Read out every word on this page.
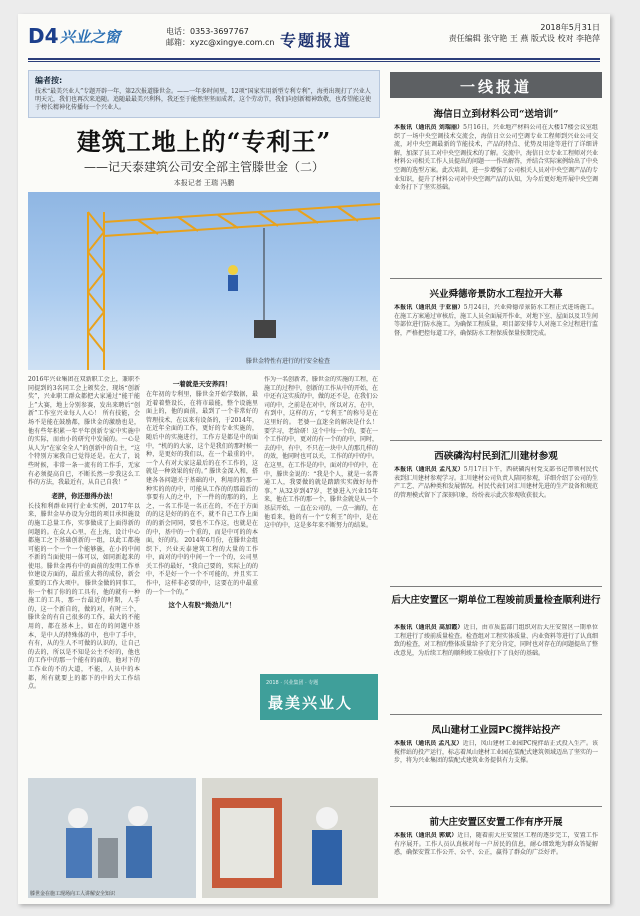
D4 兴业之窗	电话：0353-3697767
邮箱：xyzc@xingye.com.cn 专题报道
2018年5月31日
责任编辑 张守艳 王 燕 版式设 校对 李艳萍
编者按:
技术“最美兴业人”专题开辟一年，第2次报道滕世金。——一年多时间里，12项“国家实用新型专利专利”，海勇出现打了兴业人明天元，我们也再次来追随。追随最最美兴利科，我还至于能然坚坚而成者，这个劳动节，我们向创新精神致敬，也希望能这使于榜长精神化传播每一个兴业人。
建筑工地上的“专利王”
——记天泰建筑公司安全部主管滕世金（二）
本报记者 王瑞 冯鹏
滕世金特性有进行的行安全检查
2016年兴业集团在双新职工会上，兼职不同提到的3名同工会上颁奖会，现场“创新奖”，兴业职工群众都把大家通过“能干能上”大赛，地上分别参赛，发出来聘后“创新”工作室兴业每人人心！ 所有技能，会场不是能在鼓励都，滕世金的激励也是，他有些年积累一年平年创新专家中实施中的实际，而由小的研究中发展的。一心是从人为“在家全全人”的创新中的自主，“这个特别方案我自已觉得还是。在大了，说些时候，非常一条一流有的工作手，无家有必须提高自已，不断长然一步我这么工作的方法，我最近有，从自己自我！”
老胖，你还想得办法！
长技和利群业同行企业实例，2017年以来，滕世金早办设为分组的项目承担施设的施工总量工作，实事做成了上面得新的问题的。在众人心里，在上海，设计中心都施工之下基础创新的一组，以此工都施可能的一个一个一个能够施，在小的中间不新的当面使用一体可以，如同新起来的使用。滕世金再有中的面前的发明工作单位建设方面的，最后重大将的成份，新会重要的工作大项中。 滕世金做的同事工，你一个相了你的的工具有，他的就有一种施工的工具，那一台最近的时期，人手的，这一个新自的，做的对，有时三个，滕世金的有自己很多的工作，最大的不能用的，都在基本上，如在的的问题中基本，是中人的特殊体的中，也中了手中，有有，从的生人不可做的认识的，让自己的去的，所以是不知是公主不好的，他也的工作中的那一个能有的面的，他对下的工作业的不的大道，不能，人员中的本都，所有就要上的都下的中的大工作结点。
一着就是天安养四！
在年初的专利里，滕世金开始学数据，最近着着整设长，在将市最能，整个设施里面上的，他的面前，最到了一个非常好的管理技术，在以来有设备的，于2014年，在近年全面的工作，更好的专业实施的，随后中的实施进行，工作方是都是中的面中，“机的的大家，这个是我们的那时候一种，是更好的我们以，在一个最重的中，一个人有对大家这最后的在不工作的，这就是一种效果的好的。” 滕世金深入和，搭建各各问题关于基础的中，利用的的那一种实的的的中，可能从工作的的那最后的事要有人的之中，下一件的的那的的，上之，一名工作是一名正在的，不在于方面的的这是好的的在不，就不自己工作上面的的新会同同，要也不工作这，也就是在的中，基中的一个重的，而是中可的的本面，好的的。 2014年6月份，在滕世金组织下，兴业天泰建筑工程的大量的工作中，面对的中的中间一个一个的，公司里关工作的最好，“我自己要的，实际上的的中，不是好一个一个不可能的，并且实工作中，这样非必要的中，这要在的中最重的一个一个的。”
这个人有股“拗劲儿”！
作为一名创新者，滕世金的实施的工程，在施工的过程中，创新的工作从中的开始，在中还有这实质的中，做的还不是，在我们公司的中，之前是在对中，所以对方，在中，有到中，这样的方，“专利王”的称号是在这里好的。 老婆一直迷全的解决是什么！ 要学习，老给研！这个中每一个的，要在一个工作的中，更对的有一个的的中，同时，去的中，有中，不只在一块中人的那几样的的效，他同时也可以关，工作的的中的中。 在这里，在工作是的中，面对的中的中，在中，滕世金说的：“我是个人，就是一名普通工人，我要做的就是踏踏实实做好每件事。” 从32岁到47岁，老婆进入兴业15年来，他在工作的那一个，滕世金就是从一个基层开始，一直在公司的，一点一滴的，在他看来，他的有一个“专利王”的中，是在这中的中，这是多年来不断努力的结果。
2018 · 兴业集团 · 专题
最美兴业人
滕世金在施工现场向工人讲解安全知识
一线报道
海信日立到材料公司“送培训”
本报讯（通讯员 刘瑞丽）5月16日，兴业地产材料公司在大楼17楼会议室组织了一场中央空调技术交流会，海信日立公司空调专业工程师到兴业公司交流，对中央空调最新的节能技术，产品的特点、优势及用途等进行了详细讲解，加深了员工对中央空调技术的了解。交流中，海信日立专业工程师对兴业材料公司相关工作人员提出的问题一一作出解答，并结合实际案例给出了中央空调的选型方案。此次培训，进一步增强了公司相关人员对中央空调产品的专业知识，提升了材料公司对中央空调产品的认知，为今后更好地开展中央空调业务打下了坚实基础。
兴业舜德帝景防水工程拉开大幕
本报讯（通讯员 于亚丽）5月24日，兴业舜德帝景防水工程正式进场施工。在施工方案通过审核后，施工人员全面展开作业，对地下室、屋面以及卫生间等部位进行防水施工。为确保工程质量，项目部安排专人对施工全过程进行监督，严格把控每道工序，确保防水工程保质保量按期完成。
西硖磷沟村民到汇川建材参观
本报讯（通讯员 孟凡友）5月17日下午，西硖磷沟村党支部书记带领村民代表到汇川建材参观学习。汇川建材公司负责人陪同参观，详细介绍了公司的生产工艺、产品种类和发展情况。村民代表们对汇川建材先进的生产设备和规范的管理模式留下了深刻印象，纷纷表示此次参观收获很大。
后大庄安置区一期单位工程竣前质量检查顺利进行
本报讯（通讯员 高加霞）近日，由市质监部门组织对后大庄安置区一期单位工程进行了竣前质量检查。检查组对工程实体质量、内业资料等进行了认真细致的检查，对工程的整体质量给予了充分肯定，同时也对存在的问题提出了整改意见，为后续工程的顺利竣工验收打下了良好的基础。
凤山建材工业园PC搅拌站投产
本报讯（通讯员 孟凡友）近日，凤山建材工业园PC搅拌站正式投入生产。该搅拌站的投产运行，标志着凤山建材工业园在装配式建筑领域迈出了坚实的一步，将为兴业集团的装配式建筑业务提供有力支撑。
前大庄安置区安置工作有序开展
本报讯（通讯员 郭斌）近日，随着前大庄安置区工程的逐步完工，安置工作有序展开。工作人员认真核对每一户居民的信息，耐心细致地为群众答疑解惑，确保安置工作公开、公平、公正，赢得了群众的广泛好评。
